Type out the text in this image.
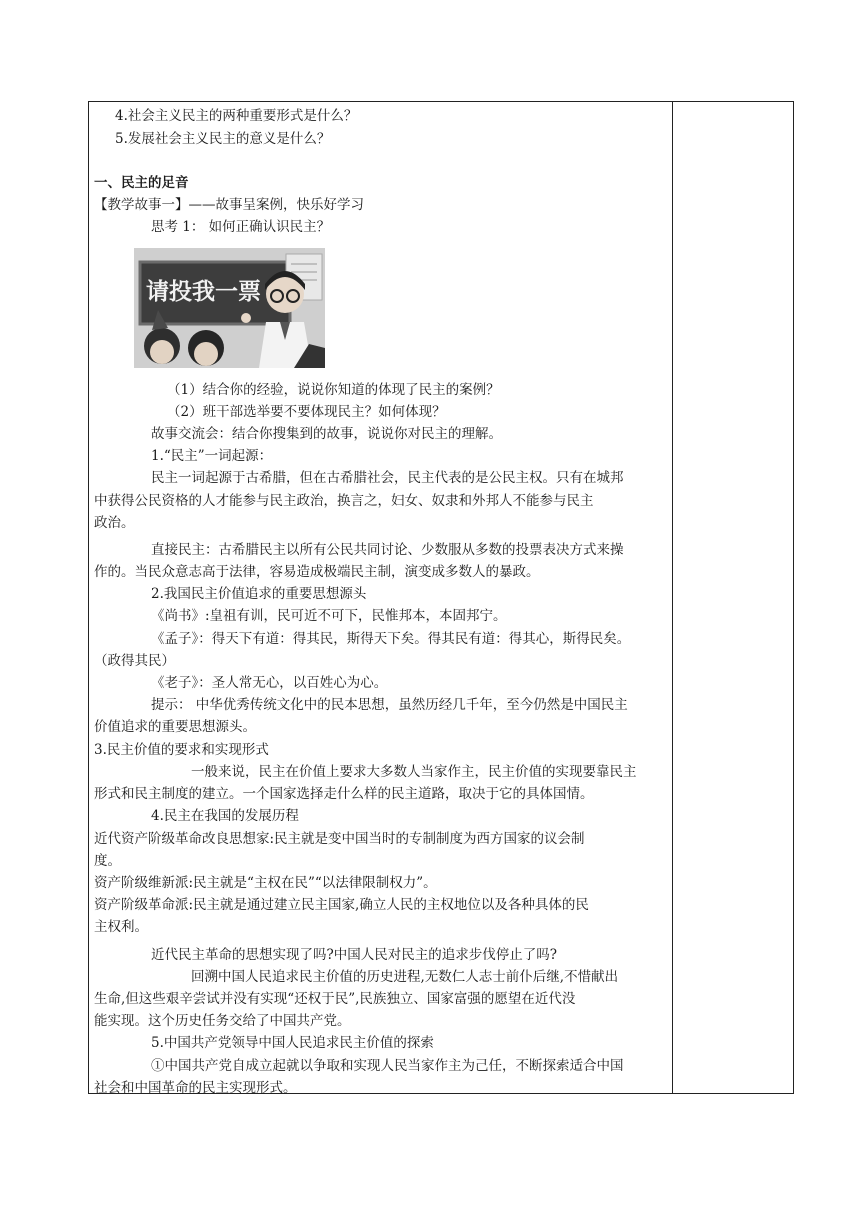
4.社会主义民主的两种重要形式是什么？
5.发展社会主义民主的意义是什么？
一、民主的足音
【教学故事一】——故事呈案例，快乐好学习
思考 1： 如何正确认识民主？
请投我一票
（1）结合你的经验，说说你知道的体现了民主的案例？
（2）班干部选举要不要体现民主？如何体现？
故事交流会：结合你搜集到的故事，说说你对民主的理解。
1.“民主”一词起源：
民主一词起源于古希腊，但在古希腊社会，民主代表的是公民主权。只有在城邦
中获得公民资格的人才能参与民主政治，换言之，妇女、奴隶和外邦人不能参与民主
政治。
直接民主：古希腊民主以所有公民共同讨论、少数服从多数的投票表决方式来操
作的。当民众意志高于法律，容易造成极端民主制，演变成多数人的暴政。
2.我国民主价值追求的重要思想源头
《尚书》:皇祖有训，民可近不可下，民惟邦本，本固邦宁。
《孟子》：得天下有道：得其民，斯得天下矣。得其民有道：得其心，斯得民矣。
（政得其民）
《老子》：圣人常无心，以百姓心为心。
提示： 中华优秀传统文化中的民本思想，虽然历经几千年，至今仍然是中国民主
价值追求的重要思想源头。
3.民主价值的要求和实现形式
一般来说，民主在价值上要求大多数人当家作主，民主价值的实现要靠民主
形式和民主制度的建立。一个国家选择走什么样的民主道路，取决于它的具体国情。
4.民主在我国的发展历程
近代资产阶级革命改良思想家:民主就是变中国当时的专制制度为西方国家的议会制
度。
资产阶级维新派:民主就是“主权在民”“以法律限制权力”。
资产阶级革命派:民主就是通过建立民主国家,确立人民的主权地位以及各种具体的民
主权利。
近代民主革命的思想实现了吗?中国人民对民主的追求步伐停止了吗?
回溯中国人民追求民主价值的历史进程,无数仁人志士前仆后继,不惜献出
生命,但这些艰辛尝试并没有实现“还权于民”,民族独立、国家富强的愿望在近代没
能实现。这个历史任务交给了中国共产党。
5.中国共产党领导中国人民追求民主价值的探索
①中国共产党自成立起就以争取和实现人民当家作主为己任，不断探索适合中国
社会和中国革命的民主实现形式。
